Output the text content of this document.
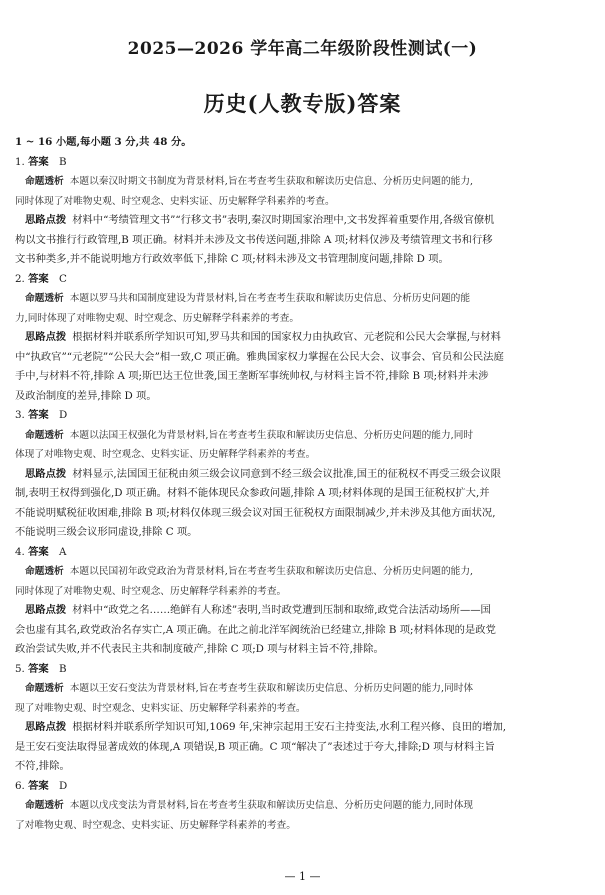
2025—2026 学年高二年级阶段性测试(一)
历史(人教专版)答案
1 ~ 16 小题,每小题 3 分,共 48 分。
1. 答案  B
命题透析 本题以秦汉时期文书制度为背景材料,旨在考查考生获取和解读历史信息、分析历史问题的能力,
同时体现了对唯物史观、时空观念、史料实证、历史解释学科素养的考查。
思路点拨 材料中“考绩管理文书”“行移文书”表明,秦汉时期国家治理中,文书发挥着重要作用,各级官僚机
构以文书推行行政管理,B 项正确。材料并未涉及文书传送问题,排除 A 项;材料仅涉及考绩管理文书和行移
文书种类多,并不能说明地方行政效率低下,排除 C 项;材料未涉及文书管理制度问题,排除 D 项。
2. 答案  C
命题透析 本题以罗马共和国制度建设为背景材料,旨在考查考生获取和解读历史信息、分析历史问题的能
力,同时体现了对唯物史观、时空观念、历史解释学科素养的考查。
思路点拨 根据材料并联系所学知识可知,罗马共和国的国家权力由执政官、元老院和公民大会掌握,与材料
中“执政官”“元老院”“公民大会”相一致,C 项正确。雅典国家权力掌握在公民大会、议事会、官员和公民法庭
手中,与材料不符,排除 A 项;斯巴达王位世袭,国王垄断军事统帅权,与材料主旨不符,排除 B 项;材料并未涉
及政治制度的差异,排除 D 项。
3. 答案  D
命题透析 本题以法国王权强化为背景材料,旨在考查考生获取和解读历史信息、分析历史问题的能力,同时
体现了对唯物史观、时空观念、史料实证、历史解释学科素养的考查。
思路点拨 材料显示,法国国王征税由须三级会议同意到不经三级会议批准,国王的征税权不再受三级会议限
制,表明王权得到强化,D 项正确。材料不能体现民众参政问题,排除 A 项;材料体现的是国王征税权扩大,并
不能说明赋税征收困难,排除 B 项;材料仅体现三级会议对国王征税权方面限制减少,并未涉及其他方面状况,
不能说明三级会议形同虚设,排除 C 项。
4. 答案  A
命题透析 本题以民国初年政党政治为背景材料,旨在考查考生获取和解读历史信息、分析历史问题的能力,
同时体现了对唯物史观、时空观念、历史解释学科素养的考查。
思路点拨 材料中“政党之名……绝鲜有人称述”表明,当时政党遭到压制和取缔,政党合法活动场所——国
会也虚有其名,政党政治名存实亡,A 项正确。在此之前北洋军阀统治已经建立,排除 B 项;材料体现的是政党
政治尝试失败,并不代表民主共和制度破产,排除 C 项;D 项与材料主旨不符,排除。
5. 答案  B
命题透析 本题以王安石变法为背景材料,旨在考查考生获取和解读历史信息、分析历史问题的能力,同时体
现了对唯物史观、时空观念、史料实证、历史解释学科素养的考查。
思路点拨 根据材料并联系所学知识可知,1069 年,宋神宗起用王安石主持变法,水利工程兴修、良田的增加,
是王安石变法取得显著成效的体现,A 项错误,B 项正确。C 项“解决了”表述过于夸大,排除;D 项与材料主旨
不符,排除。
6. 答案  D
命题透析 本题以戊戌变法为背景材料,旨在考查考生获取和解读历史信息、分析历史问题的能力,同时体现
了对唯物史观、时空观念、史料实证、历史解释学科素养的考查。
— 1 —
